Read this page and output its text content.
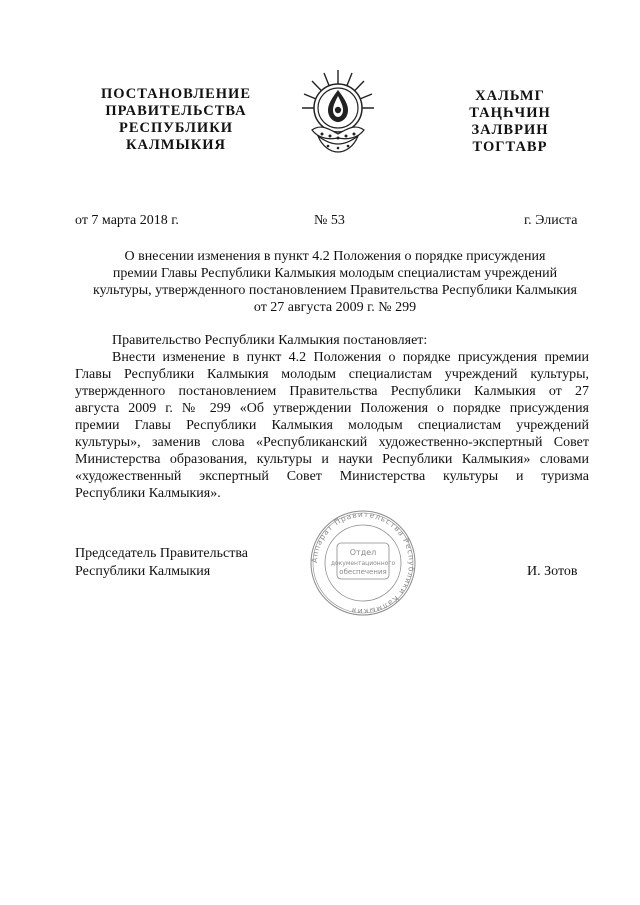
ПОСТАНОВЛЕНИЕ
ПРАВИТЕЛЬСТВА
РЕСПУБЛИКИ
КАЛМЫКИЯ
ХАЛЬМГ
ТАҢҺЧИН
ЗАЛВРИН
ТОГТАВР
от 7 марта 2018 г.	№ 53	г. Элиста
О внесении изменения в пункт 4.2 Положения о порядке присуждения
премии Главы Республики Калмыкия молодым специалистам учреждений
культуры, утвержденного постановлением Правительства Республики Калмыкия
от 27 августа 2009 г. № 299
Правительство Республики Калмыкия постановляет:
Внести изменение в пункт 4.2 Положения о порядке присуждения премии
Главы Республики Калмыкия молодым специалистам учреждений культуры,
утвержденного постановлением Правительства Республики Калмыкия от 27
августа 2009 г. № 299 «Об утверждении Положения о порядке присуждения
премии Главы Республики Калмыкия молодым специалистам учреждений
культуры», заменив слова «Республиканский художественно-экспертный Совет
Министерства образования, культуры и науки Республики Калмыкия» словами
«художественный экспертный Совет Министерства культуры и туризма
Республики Калмыкия».
Аппарат Правительства Республики Калмыкия
Отдел
документационного
обеспечения
Председатель Правительства
Республики Калмыкия	И. Зотов
